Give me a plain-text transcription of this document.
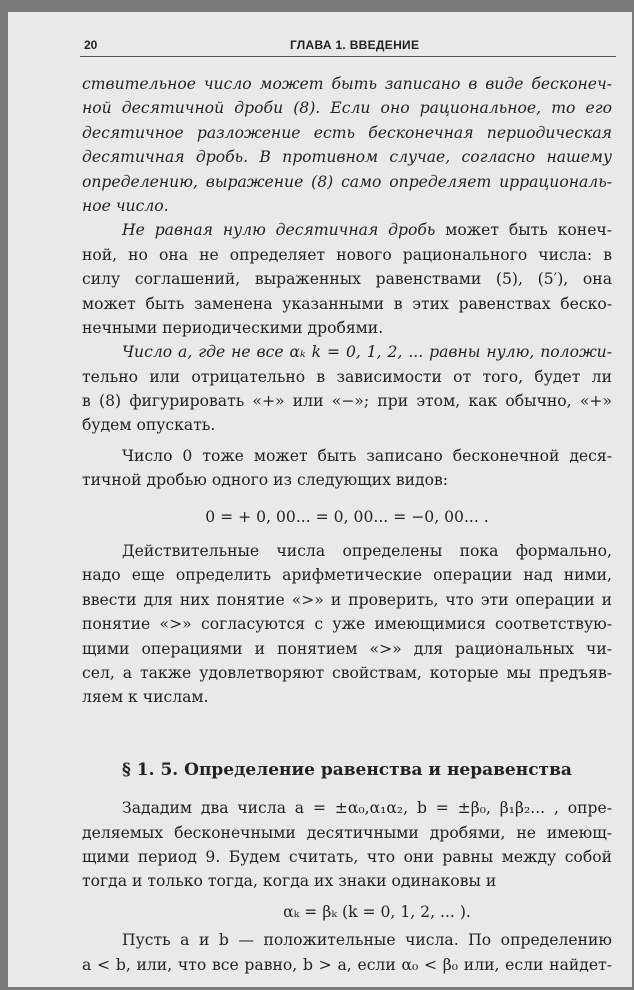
20	ГЛАВА 1. ВВЕДЕНИЕ
ствительное число может быть записано в виде бесконеч-
ной десятичной дроби (8). Если оно рациональное, то его
десятичное разложение есть бесконечная периодическая
десятичная дробь. В противном случае, согласно нашему
определению, выражение (8) само определяет иррациональ-
ное число.
Не равная нулю десятичная дробь может быть конеч-
ной, но она не определяет нового рационального числа: в
силу соглашений, выраженных равенствами (5), (5′), она
может быть заменена указанными в этих равенствах беско-
нечными периодическими дробями.
Число a, где не все αₖ k = 0, 1, 2, ... равны нулю, положи-
тельно или отрицательно в зависимости от того, будет ли
в (8) фигурировать «+» или «−»; при этом, как обычно, «+»
будем опускать.
Число 0 тоже может быть записано бесконечной деся-
тичной дробью одного из следующих видов:
0 = + 0, 00... = 0, 00... = −0, 00... .
Действительные числа определены пока формально,
надо еще определить арифметические операции над ними,
ввести для них понятие «>» и проверить, что эти операции и
понятие «>» согласуются с уже имеющимися соответствую-
щими операциями и понятием «>» для рациональных чи-
сел, а также удовлетворяют свойствам, которые мы предъяв-
ляем к числам.
§ 1. 5. Определение равенства и неравенства
Зададим два числа a = ±α₀,α₁α₂, b = ±β₀, β₁β₂... , опре-
деляемых бесконечными десятичными дробями, не имеющ-
щими период 9. Будем считать, что они равны между собой
тогда и только тогда, когда их знаки одинаковы и
αₖ = βₖ (k = 0, 1, 2, ... ).
Пусть a и b — положительные числа. По определению
a < b, или, что все равно, b > a, если α₀ < β₀ или, если найдет-
